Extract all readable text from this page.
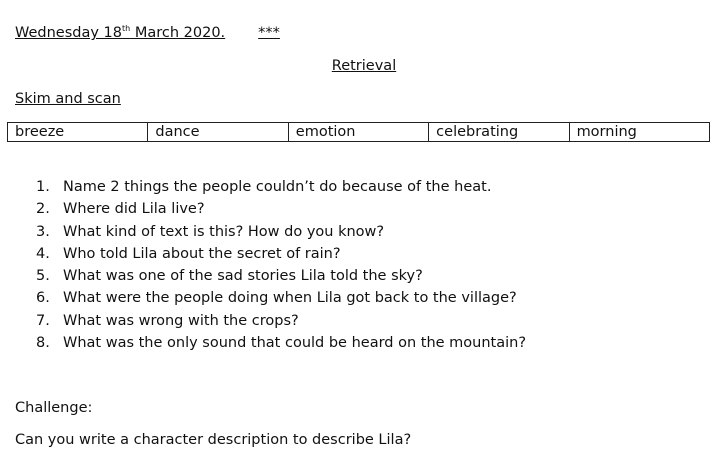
Wednesday 18th March 2020. ***
Retrieval
Skim and scan
breeze	dance	emotion	celebrating	morning
1. Name 2 things the people couldn’t do because of the heat.
2. Where did Lila live?
3. What kind of text is this? How do you know?
4. Who told Lila about the secret of rain?
5. What was one of the sad stories Lila told the sky?
6. What were the people doing when Lila got back to the village?
7. What was wrong with the crops?
8. What was the only sound that could be heard on the mountain?
Challenge:
Can you write a character description to describe Lila?
